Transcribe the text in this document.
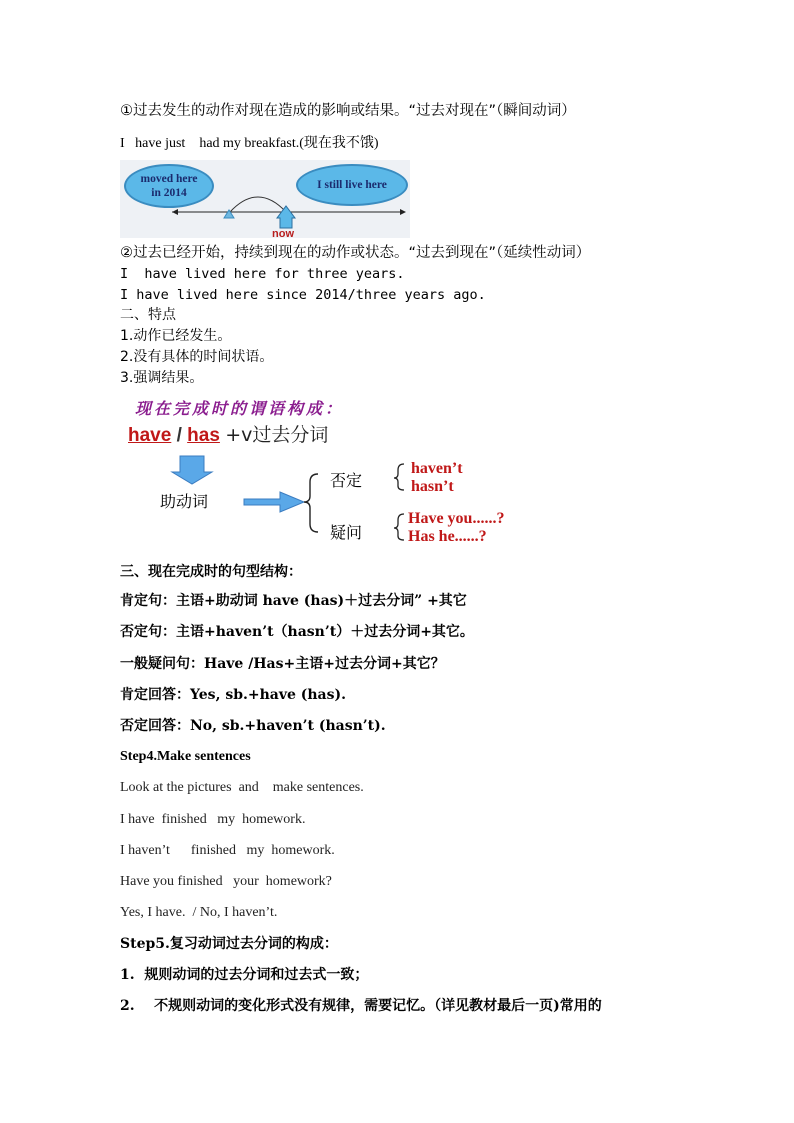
①过去发生的动作对现在造成的影响或结果。“过去对现在”（瞬间动词）
I   have just    had my breakfast.(现在我不饿)
moved here in 2014
I still live here
now
②过去已经开始，持续到现在的动作或状态。“过去到现在”（延续性动词）
I  have lived here for three years.
I have lived here since 2014/three years ago.
二、特点
1.动作已经发生。
2.没有具体的时间状语。
3.强调结果。
现在完成时的谓语构成：
have / has +v过去分词
助动词
否定
疑问
haven’t
hasn’t
Have you......?
Has he......?
三、现在完成时的句型结构：
肯定句：主语+助动词 have (has)＋过去分词” +其它
否定句：主语+haven’t（hasn’t）＋过去分词+其它。
一般疑问句：Have /Has+主语+过去分词+其它？
肯定回答：Yes, sb.+have (has).
否定回答：No, sb.+haven’t (hasn’t).
Step4.Make sentences
Look at the pictures  and    make sentences.
I have  finished   my  homework.
I haven’t      finished   my  homework.
Have you finished   your  homework?
Yes, I have.  / No, I haven’t.
Step5.复习动词过去分词的构成：
1.  规则动词的过去分词和过去式一致；
2.    不规则动词的变化形式没有规律，需要记忆。（详见教材最后一页)常用的
